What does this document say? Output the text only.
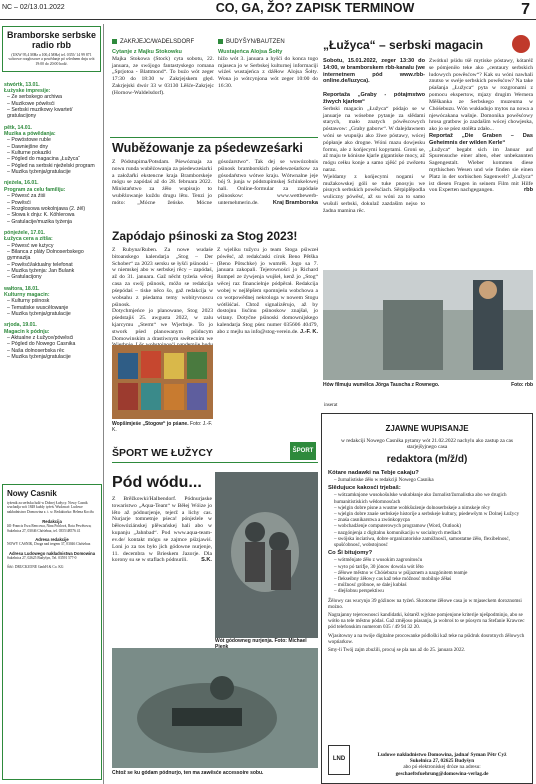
NC – 02/13.01.2022	CO, GA, ŽO? ZAPISK TERMINOW	7
Bramborske serbske radio rbb
(UKW 95,4 MHz a 100,4 MHz) tel. 0355/ 14 99 871 wótrowe rozgłosowe a powědanje pó wšednem dnju wót 19:00 do 20:00 hodź.
stwórtk, 13.01.
Łużyske impresije:
– Ze serbskego archiwa
– Muzikowe pówěsći
– Serbski muzikowy kwartet/ gratulacijony
pětk, 14.01.
Muzika a pówědanja:
– Powóstowe ruble
– Dawniejšne dny
– Kulturne pokaziki
– Pógled do magacina „Łužyca“
– Pógled na serbski nježelski program
– Muzika tyźenja/gratulacije
njeźela, 16.01.
Program za celu familiju:
– Pówesć za źiśi
– Powěsći
– Rozgłosowa wokolnjawa (2. źěl)
– Słowa k dnju: K. Köhlerowa
– Gratulacije/muzika tyźenja
pónjeźele, 17.01.
Łužyca cera a zítša:
– Pówesć we łużycy
– Bilanca z pláty Dolnoserbskego gymnazija
– Powěsći/aktualny telefonat
– Muzika tyźenja: Jan Bulank
– Gratulacijony
wałtora, 18.01.
Kulturny magacin:
– Kulturny pśinosk
– Tematiske wuscělowanje
– Muzika tyźenja/gratulacije
srjoda, 19.01.
Magacin k pódnju:
– Aktualne z Łužyce/pówěsći
– Pógled do Nowego Casnika
– Naša dolnoserbska rěc
– Muzika tyźenja/gratulacije
Nowy Casnik
tyźenik za serbsku ludź w Dolnej Łužycy. Nowy Casnik wuchadja wót 1848 kuždy tyźeń. Wudawaŕ: Ludowe nakładnistwo Domowina z. t. w. Redaktorka: Helena Kociřa
Redakcija
Jill-Francis Ewa Rencowa, Nina Pohlová, Rota Pewětowa; Sukelnica 27, 03046 Chóśebuz, tel. 0355/48576 41
Adresa redakcije
NOWY CASNIK, Droga nad tergem 37, 03046 Chóśebuz
Adresa Ludowego nakładnistwa Domowina
Sukelnica 27, 02625 Budyšyn, Tel. 03591 577-0
Śišć: DRUCKZONE GmbH & Co. KG
ZAKRJEJC/WADELSDORF	BUDYŠYN/BAUTZEN
Cytanje z Majku Stokowku
Majka Stokowa (Stock) cyta sobotu, 22. januara, ze swójogo fantastyskego romana „Sprjotoa - Blattmond“. To buźo wót zeger 17:30 do 18:30 w Zakrjejskem ględ. Zakrjejski dwór 33 w 03130 Lěšće-Zakrjejc (Hornow-Waldelsdorf).
Wustajeńca Alojsa Šołty
hižo wót 3. januara a hyšći do konca togo mjaseca jo w Serbskej kulturnej informaciji wiźeś wustajeńca z dźěłow Alojsa Šołty. Wona jo wótcynjona wót zeger 10:00 do 16:30.
Wuběźowanje za pśedewześarki
Z Pódstupima/Potsdam. Pśewóznaja za nowu runda wuběźowanja za pśedewześarki a załožaŕki ekstencne kraja Bramborskeje mógu se zapódaś až do 28. februara 2022. Ministaŕstwo za źěło wupisujo to wuběźowanje kuždu drugu lětu. Tenzi jo móto: „Mócne žeńske. Mócne gósoźarstwo“. Tak dej se wuwózobnis pśinosk bramborskich pśedewześarkow za gósodaŕstwo wótwe kraju. Wótwnalne jeje bój 9. junja w pódstupimskej Schinkelowej hali. Online-formular za zapódaśe pśinoskow: www.wettbewerb-unternehmerin.de.	Kraj Bramborska
Zapódajo pśinoski za Stog 2023!
Z Rubyna/Ruben. Za nowe wudaśe bitoanskego kalendarja „Stog – Der Schober“ za 2023 sersku se łyšći pśinoski – w niemskej abo w serbskej rěcy – zapódaś, až do 31. januara. Gaž něcht tyźeńa wěcej casa za swój pśinosk, móžo se redakcija pśepódaś – tiske něco šo, gaž redakcija w wobsahu z pśedama temy wobityvnoscu pśinosk.
Dotychmjeńce jo planowane, Stog 2023 pśedstajiś 25. awgusta 2022, w zalu kjarcymu „Sterm“ we Wjerbnje. To jo stwork pśed planowanym pśiducym Domowinskim a drastiwnym swětecnim we
Z wjeliku tužycu jo team Stoga pśiwzeł pówěsć, až redakćaski círok Beno Pětška (Beno Pötschke) jo wumrěł. Jogo sa 7. januara zakopali. Tejerowności jo Richard Rumpel ze źywjenja wujšeł, kenž jo „Stog“ wěcej raz financielnje pódpěrał. Redakcija wobej w nejlěpšem spomnjeśu wobchowa a co wotpowědnej nekrologa w nowem Stogu wótšiśćaś. Chtož signalizěrujo, až by dostojnu lisćinu pśinoskow znajšał, jo witany. Dotyčne pśinoski domownijskego kalendarja Stog pśez numer 035606 40479, abo z mejlu na info@stog-verein.de. J.-F. K.
Wopšimjeśe „Stogow“ jo pśane. Foto: J.-F. K.
ŠPORT WE ŁUŽYCY	ŠPORT
Pód wódu...
Z Brěžkowki/Halbendorf. Pódnurjaske towaristwo „Aqua-Team“ w Běłej Wóize jo lěto až pódnurjenje, tejerž a lichy cas. Nurjarje tomnetnje pśeca! pónjeźele w běłowóziánskej plěwańskej hali abo w kupanju „Jahnbad“. Pod www.aqua-team-ev.de/ kontakt mógu se zajmce pśizjawiś. Loni jo za tos było jich gódowne nurjenje, 11. decembra w Brieskem Jazorje. Dla korony su se w staflach pódnurili. S.K.
Wót gódowneg nurjenja. Foto: Michael
Chtož se ku gódam pódnurjo, ten ma zawěsće accessoire sobu.
„Łužyca“ – serbski magacin
Sobotu, 15.01.2022, zeger 13:30 do 14:00, w bramborskem rbb-kanalu (we internetnem pód www.rbb-online.de/luzyca).

Reportaža „Graby - pótajmstwo žiwych kjarłow“
Serbski magacin „Łužyca“ pódajo se w januarje na wósebne pytanje za slědami starych, mało znatych pówěscowych póstawow: „Graby gaborw“. W dalejdawnem wóni se wupuśju ako žiwe póstawy, wócej pópłanje ako drogne. Wóni mazu dowjesku formu, ale z końjecymi kopytami. Groni se, až maju te kónisne kjarle gigantiske mocy, až mógu cełku konje a samo zjěść pó zwězetu naraz.
Wjeldamy z końjecymi nogami w mužakowskej góli se tuke pnosyju we pisnych serbskich powěsćiach. Sěrpiplěpodla wuliczny pówěsć, až su wóni za to samo wušuli serbski, dokulaž zazdašim nejso to žadna mamina rěc.
Zwótkul pśidu tśě mytiske póstawy, kótaréž se pómjeniło teke ako „centaury serbskich ludowych powěsćow“? Kak su wóni nawhali znutso w swéje serbskich powěsćow? Na take pśašanja „Łužyca“ pyta w rozgronami z pomocu ekspertow, mjazy drugim Wernera Měškanka ze Serbskego muzeuma w Chóśebuzu. Wón wukładujo mytos na nowa a njewócakana wašnje. Domonika powěsćowy hrosa gratbow jo zazdašim wócej chowjeska, ako jo se pśez stolěta zdało...
Reportaž „Die Graben – Das Geheimnis der wilden Kerle“
„Łužyca“ begabt sich im Januar auf Spurensuche einer alten, eher unbekannten Sagengestalt. Wieber kommen diese mythischen Wesen und wie finden sie einen Platz in der sorbischen Sagenwelt? „Łužyca“ ist diesen Fragen in seinem Film mit Hilfe von Experten nachgegangen.	rbb
Hów filmuju wumělca Jörga Tauscha z Rownego.	Foto: rbb
inserat
ZJAWNE WUPISANJE
w redakciji Nowego Casnika pytamy wót 21.02.2022 nachylu ako zastup za cas starjejšyjnego casa
redaktora (m/ž/d)
Kótare nadawki na Tebje cakaju?
– žurnalistiske źěło w redakciji Nowego Casnika
Slědujuce kakosći trjebaš:
– wótzamknjone wusokošulske wukubłanje ako žurnalist/žurnalistka abo we drugich humanitistiskich wědomnosćach
– wjelgin dobre pisne a wustne wobkšuźenje dolnoserbskeje a nimskeje rěcy
– wjelgin dobre znaśe serbskeje historije a serbskeje kultury, pśedewšym w Dolnej Łužycy
– znaśa casnikarstwa a zwónkopycpa
– wobchadźenje computerowych programow (Word, Outlook)
– nazgónjenja z digitalnu komunikaciju w socialnych mediach
– swójska inciatiwa, dobre organizatoriske zamóžnosći, samostatne źěło, flexibelnosć, spušćobnosć, wobstojnosć
Co Śi bitujomy?
– wótměnjate źěło z wusokim zagronitosću
– wyto pó tarifje, 30 jónow dowola wót lěto
– źěłowe městno w Chóśebuzu w pśijaznem a nazgónitem teamje
– flekseibny źěłowy cas kaž teke móžnosć mobilnje źěłaś
– móžnosć gróbnoe, se dalej kubłaś
– dlejšobnu perspektiwu
Žělowy cas wucynjo 39 góźinow na tyźeń. Skrotorne źěłowe casa jo w mjaseckem doroznomsi możno.
Nagrajanny tejerownosci kandidatki, kótaréž wjykne pomjenjone kriterije nješpodminjo, abo se wótło na tele městno pódaś. Gaž změjoso pśasanja, ja wobroś to se pśosym na Stefanie Krawcec pód telefonskim numerom 035 / 49 94 32 20.
Wjasitowny a na twóje digitalne procowanke pódloški kaž teke na pśidruk dosrotnych źělowych wopńarkow.
Smy-li Twój zajm zbuźili, procuj se pla nas až do 25. januara 2022.
LND
Ludowe nakładnistwo Domowina, jadnaŕ Syman Pětr Cyž
Sukelnica 27, 02625 Budyšyn
abo pó elektroniskej dróze na adresu:
geschaeftsfuehrung@domowina-verlag.de
